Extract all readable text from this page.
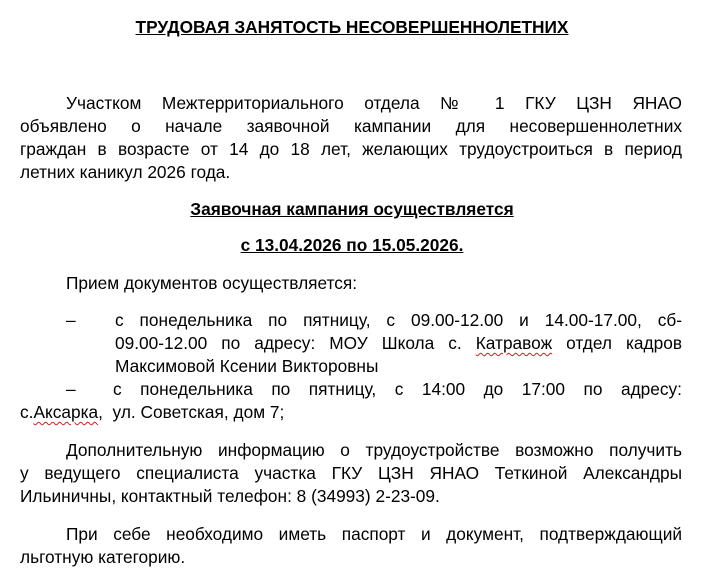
ТРУДОВАЯ ЗАНЯТОСТЬ НЕСОВЕРШЕННОЛЕТНИХ
Участком Межтерриториального отдела № 1 ГКУ ЦЗН ЯНАО
объявлено о начале заявочной кампании для несовершеннолетних
граждан в возрасте от 14 до 18 лет, желающих трудоустроиться в период
летних каникул 2026 года.
Заявочная кампания осуществляется
с 13.04.2026 по 15.05.2026.
Прием документов осуществляется:
– с понедельника по пятницу, с 09.00-12.00 и 14.00-17.00, сб-
09.00-12.00 по адресу: МОУ Школа с. Катравож отдел кадров
Максимовой Ксении Викторовны
– с понедельника по пятницу, с 14:00 до 17:00 по адресу:
с.Аксарка,  ул. Советская, дом 7;
Дополнительную информацию о трудоустройстве возможно получить
у ведущего специалиста участка ГКУ ЦЗН ЯНАО Теткиной Александры
Ильиничны, контактный телефон: 8 (34993) 2-23-09.
При себе необходимо иметь паспорт и документ, подтверждающий
льготную категорию.
